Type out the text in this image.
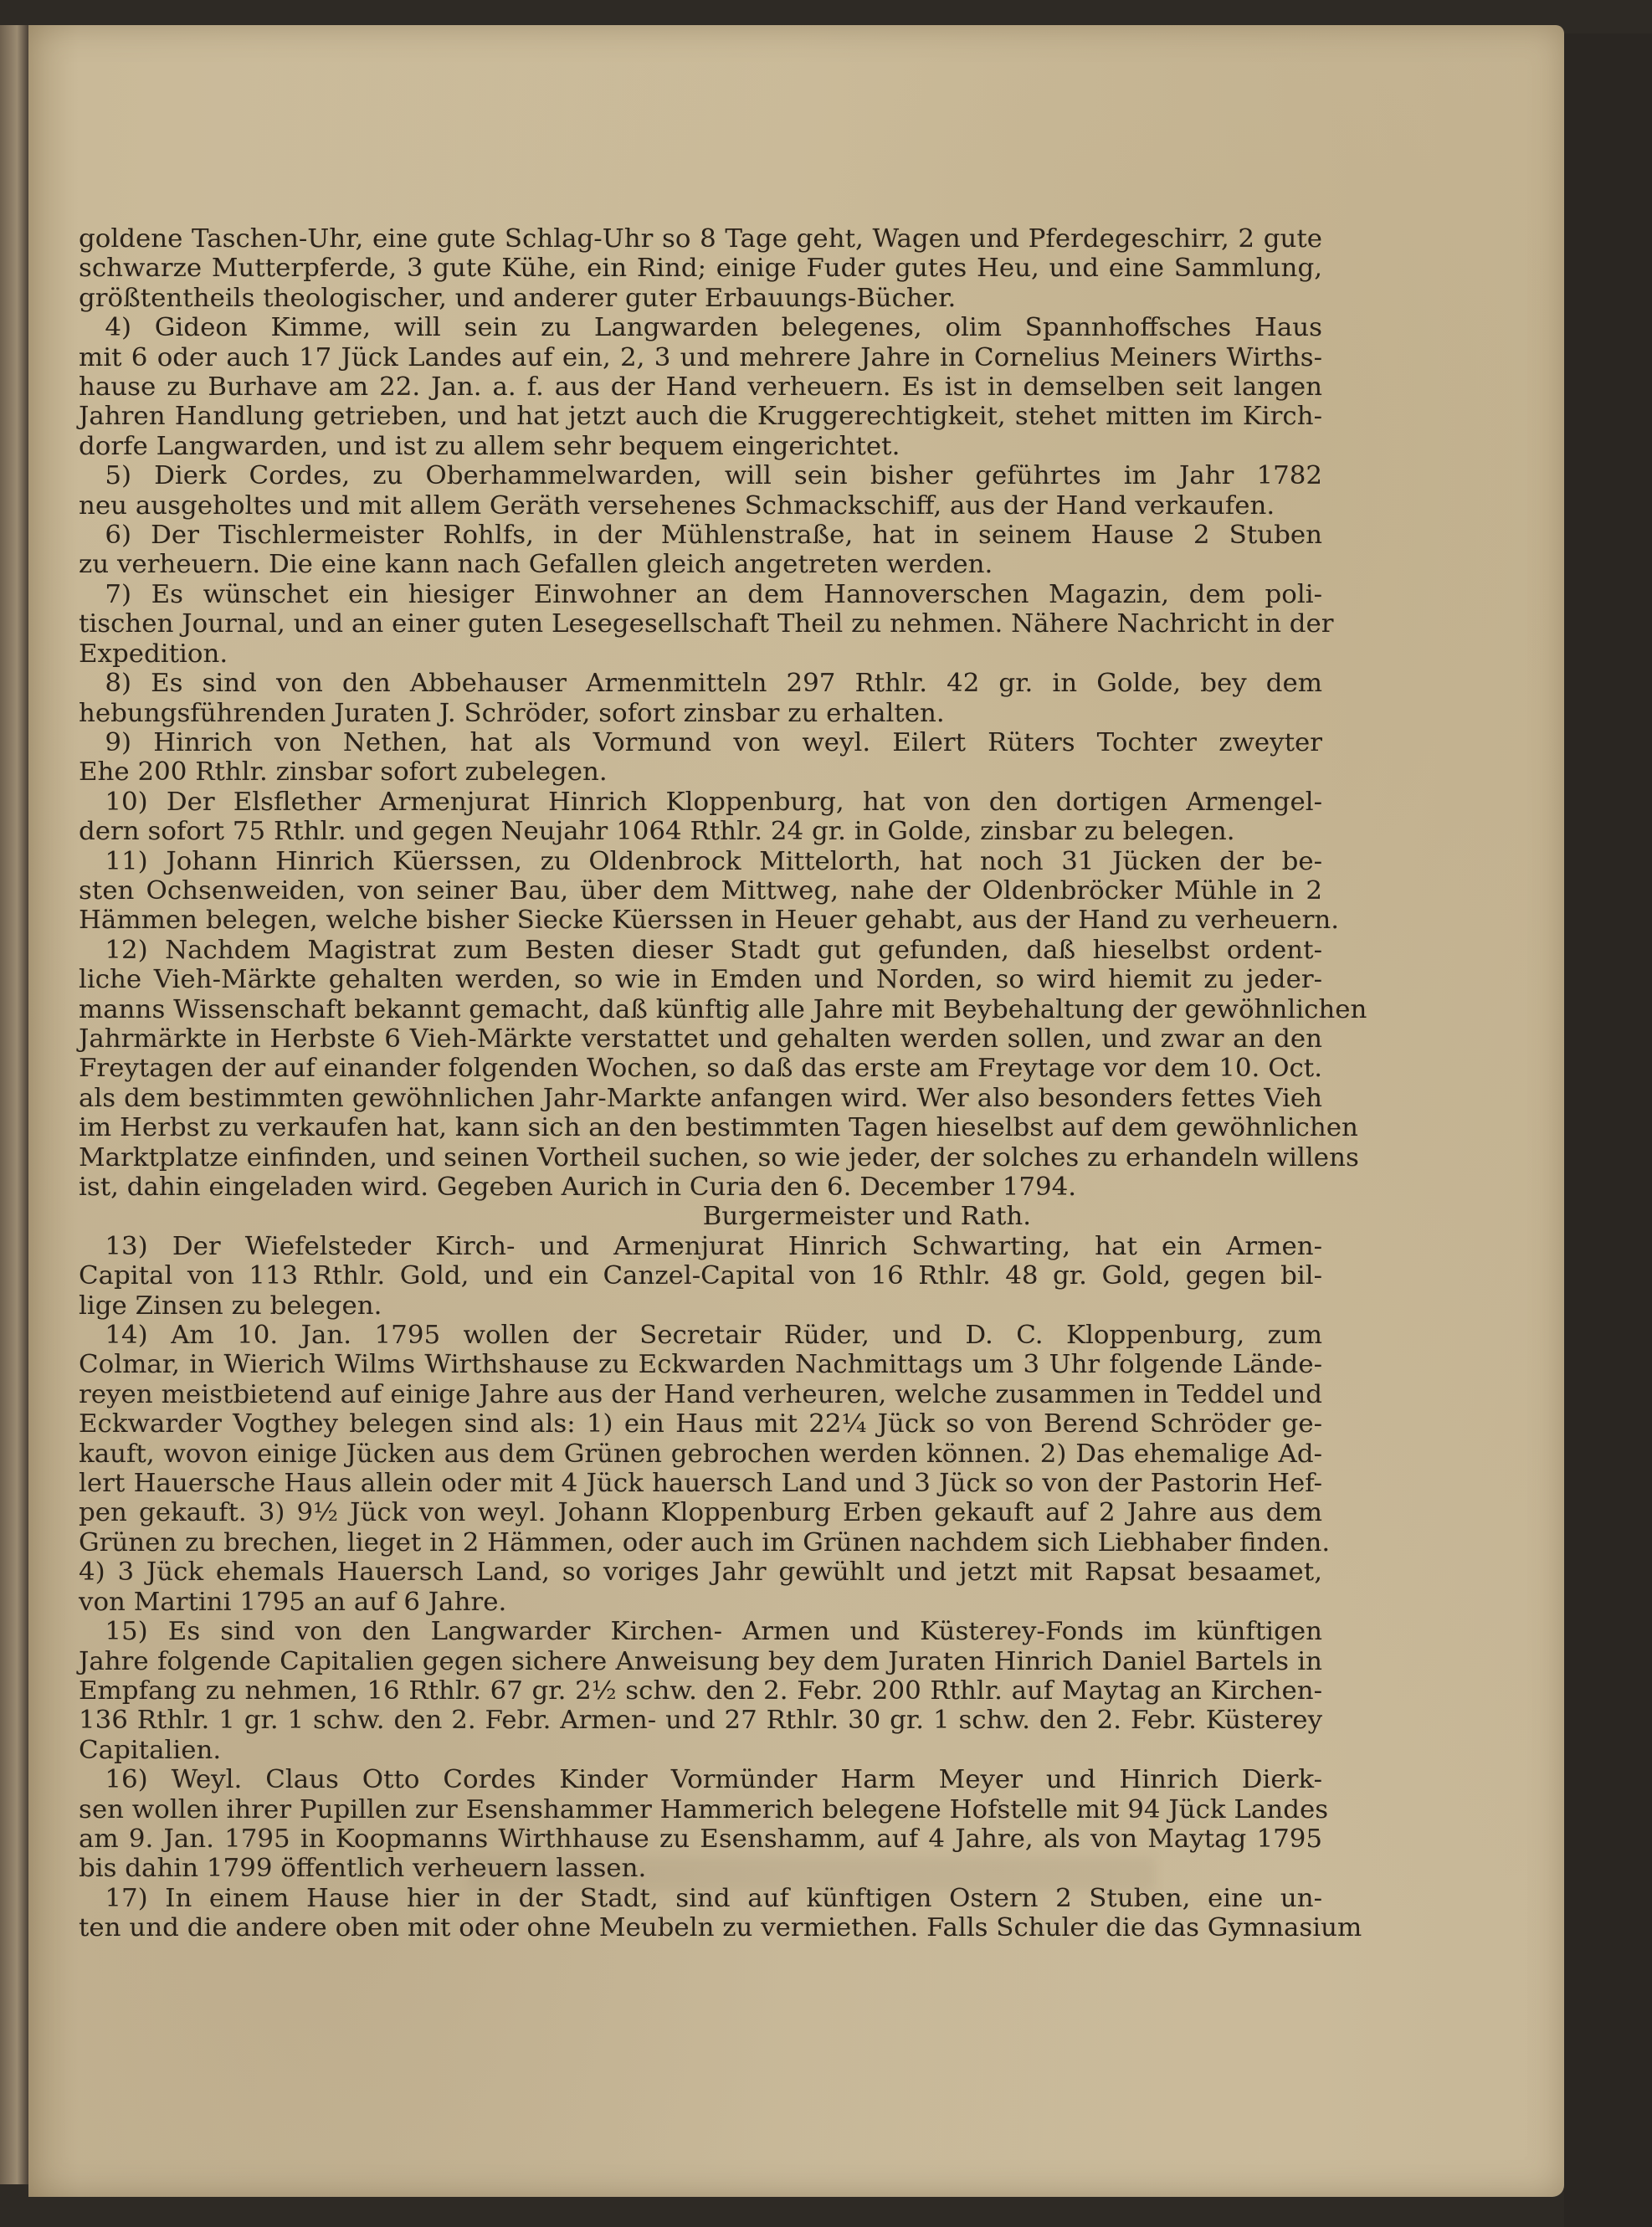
goldene Taschen-Uhr, eine gute Schlag-Uhr so 8 Tage geht, Wagen und Pferdegeschirr, 2 gute

schwarze Mutterpferde, 3 gute Kühe, ein Rind; einige Fuder gutes Heu, und eine Sammlung,

größtentheils theologischer, und anderer guter Erbauungs-Bücher.

4) Gideon Kimme, will sein zu Langwarden belegenes, olim Spannhoffsches Haus

mit 6 oder auch 17 Jück Landes auf ein, 2, 3 und mehrere Jahre in Cornelius Meiners Wirths-

hause zu Burhave am 22. Jan. a. f. aus der Hand verheuern. Es ist in demselben seit langen

Jahren Handlung getrieben, und hat jetzt auch die Kruggerechtigkeit, stehet mitten im Kirch-

dorfe Langwarden, und ist zu allem sehr bequem eingerichtet.

5) Dierk Cordes, zu Oberhammelwarden, will sein bisher geführtes im Jahr 1782

neu ausgeholtes und mit allem Geräth versehenes Schmackschiff, aus der Hand verkaufen.

6) Der Tischlermeister Rohlfs, in der Mühlenstraße, hat in seinem Hause 2 Stuben

zu verheuern. Die eine kann nach Gefallen gleich angetreten werden.

7) Es wünschet ein hiesiger Einwohner an dem Hannoverschen Magazin, dem poli-

tischen Journal, und an einer guten Lesegesellschaft Theil zu nehmen. Nähere Nachricht in der

Expedition.

8) Es sind von den Abbehauser Armenmitteln 297 Rthlr. 42 gr. in Golde, bey dem

hebungsführenden Juraten J. Schröder, sofort zinsbar zu erhalten.

9) Hinrich von Nethen, hat als Vormund von weyl. Eilert Rüters Tochter zweyter

Ehe 200 Rthlr. zinsbar sofort zubelegen.

10) Der Elsflether Armenjurat Hinrich Kloppenburg, hat von den dortigen Armengel-

dern sofort 75 Rthlr. und gegen Neujahr 1064 Rthlr. 24 gr. in Golde, zinsbar zu belegen.

11) Johann Hinrich Küerssen, zu Oldenbrock Mittelorth, hat noch 31 Jücken der be-

sten Ochsenweiden, von seiner Bau, über dem Mittweg, nahe der Oldenbröcker Mühle in 2

Hämmen belegen, welche bisher Siecke Küerssen in Heuer gehabt, aus der Hand zu verheuern.

12) Nachdem Magistrat zum Besten dieser Stadt gut gefunden, daß hieselbst ordent-

liche Vieh-Märkte gehalten werden, so wie in Emden und Norden, so wird hiemit zu jeder-

manns Wissenschaft bekannt gemacht, daß künftig alle Jahre mit Beybehaltung der gewöhnlichen

Jahrmärkte in Herbste 6 Vieh-Märkte verstattet und gehalten werden sollen, und zwar an den

Freytagen der auf einander folgenden Wochen, so daß das erste am Freytage vor dem 10. Oct.

als dem bestimmten gewöhnlichen Jahr-Markte anfangen wird. Wer also besonders fettes Vieh

im Herbst zu verkaufen hat, kann sich an den bestimmten Tagen hieselbst auf dem gewöhnlichen

Marktplatze einfinden, und seinen Vortheil suchen, so wie jeder, der solches zu erhandeln willens

ist, dahin eingeladen wird. Gegeben Aurich in Curia den 6. December 1794.

Burgermeister und Rath.

13) Der Wiefelsteder Kirch- und Armenjurat Hinrich Schwarting, hat ein Armen-

Capital von 113 Rthlr. Gold, und ein Canzel-Capital von 16 Rthlr. 48 gr. Gold, gegen bil-

lige Zinsen zu belegen.

14) Am 10. Jan. 1795 wollen der Secretair Rüder, und D. C. Kloppenburg, zum

Colmar, in Wierich Wilms Wirthshause zu Eckwarden Nachmittags um 3 Uhr folgende Lände-

reyen meistbietend auf einige Jahre aus der Hand verheuren, welche zusammen in Teddel und

Eckwarder Vogthey belegen sind als: 1) ein Haus mit 22¼ Jück so von Berend Schröder ge-

kauft, wovon einige Jücken aus dem Grünen gebrochen werden können. 2) Das ehemalige Ad-

lert Hauersche Haus allein oder mit 4 Jück hauersch Land und 3 Jück so von der Pastorin Hef-

pen gekauft. 3) 9½ Jück von weyl. Johann Kloppenburg Erben gekauft auf 2 Jahre aus dem

Grünen zu brechen, lieget in 2 Hämmen, oder auch im Grünen nachdem sich Liebhaber finden.

4) 3 Jück ehemals Hauersch Land, so voriges Jahr gewühlt und jetzt mit Rapsat besaamet,

von Martini 1795 an auf 6 Jahre.

15) Es sind von den Langwarder Kirchen- Armen und Küsterey-Fonds im künftigen

Jahre folgende Capitalien gegen sichere Anweisung bey dem Juraten Hinrich Daniel Bartels in

Empfang zu nehmen, 16 Rthlr. 67 gr. 2½ schw. den 2. Febr. 200 Rthlr. auf Maytag an Kirchen-

136 Rthlr. 1 gr. 1 schw. den 2. Febr. Armen- und 27 Rthlr. 30 gr. 1 schw. den 2. Febr. Küsterey

Capitalien.

16) Weyl. Claus Otto Cordes Kinder Vormünder Harm Meyer und Hinrich Dierk-

sen wollen ihrer Pupillen zur Esenshammer Hammerich belegene Hofstelle mit 94 Jück Landes

am 9. Jan. 1795 in Koopmanns Wirthhause zu Esenshamm, auf 4 Jahre, als von Maytag 1795

bis dahin 1799 öffentlich verheuern lassen.

17) In einem Hause hier in der Stadt, sind auf künftigen Ostern 2 Stuben, eine un-

ten und die andere oben mit oder ohne Meubeln zu vermiethen. Falls Schuler die das Gymnasium
